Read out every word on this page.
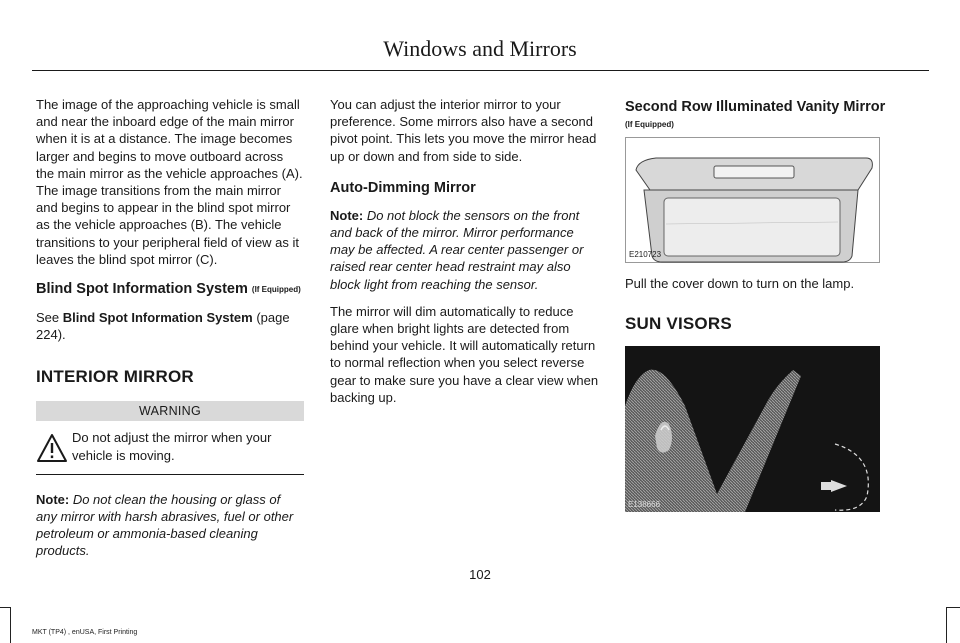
Windows and Mirrors

The image of the approaching vehicle is small and near the inboard edge of the main mirror when it is at a distance. The image becomes larger and begins to move outboard across the main mirror as the vehicle approaches (A). The image transitions from the main mirror and begins to appear in the blind spot mirror as the vehicle approaches (B). The vehicle transitions to your peripheral field of view as it leaves the blind spot mirror (C).

Blind Spot Information System (If Equipped)

See Blind Spot Information System (page 224).

INTERIOR MIRROR
WARNING
Do not adjust the mirror when your vehicle is moving.

Note: Do not clean the housing or glass of any mirror with harsh abrasives, fuel or other petroleum or ammonia-based cleaning products.

You can adjust the interior mirror to your preference. Some mirrors also have a second pivot point. This lets you move the mirror head up or down and from side to side.

Auto-Dimming Mirror

Note: Do not block the sensors on the front and back of the mirror. Mirror performance may be affected. A rear center passenger or raised rear center head restraint may also block light from reaching the sensor.

The mirror will dim automatically to reduce glare when bright lights are detected from behind your vehicle. It will automatically return to normal reflection when you select reverse gear to make sure you have a clear view when backing up.

Second Row Illuminated Vanity Mirror
(If Equipped)
E210723

Pull the cover down to turn on the lamp.

SUN VISORS
E138666
102
MKT (TP4) , enUSA, First Printing
